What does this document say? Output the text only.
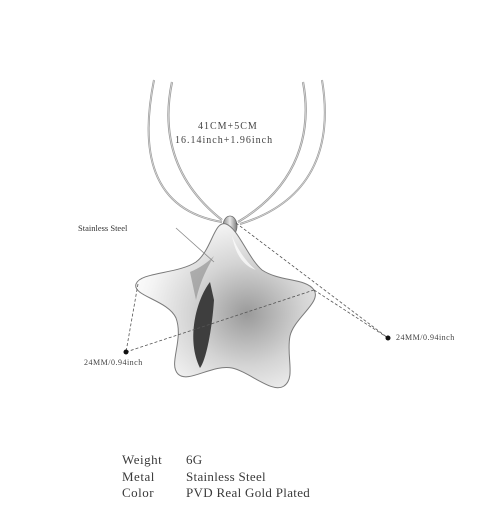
41CM+5CM
16.14inch+1.96inch
Stainless Steel
24MM/0.94inch
24MM/0.94inch
Weight	6G
Metal	Stainless Steel
Color	PVD Real Gold Plated
